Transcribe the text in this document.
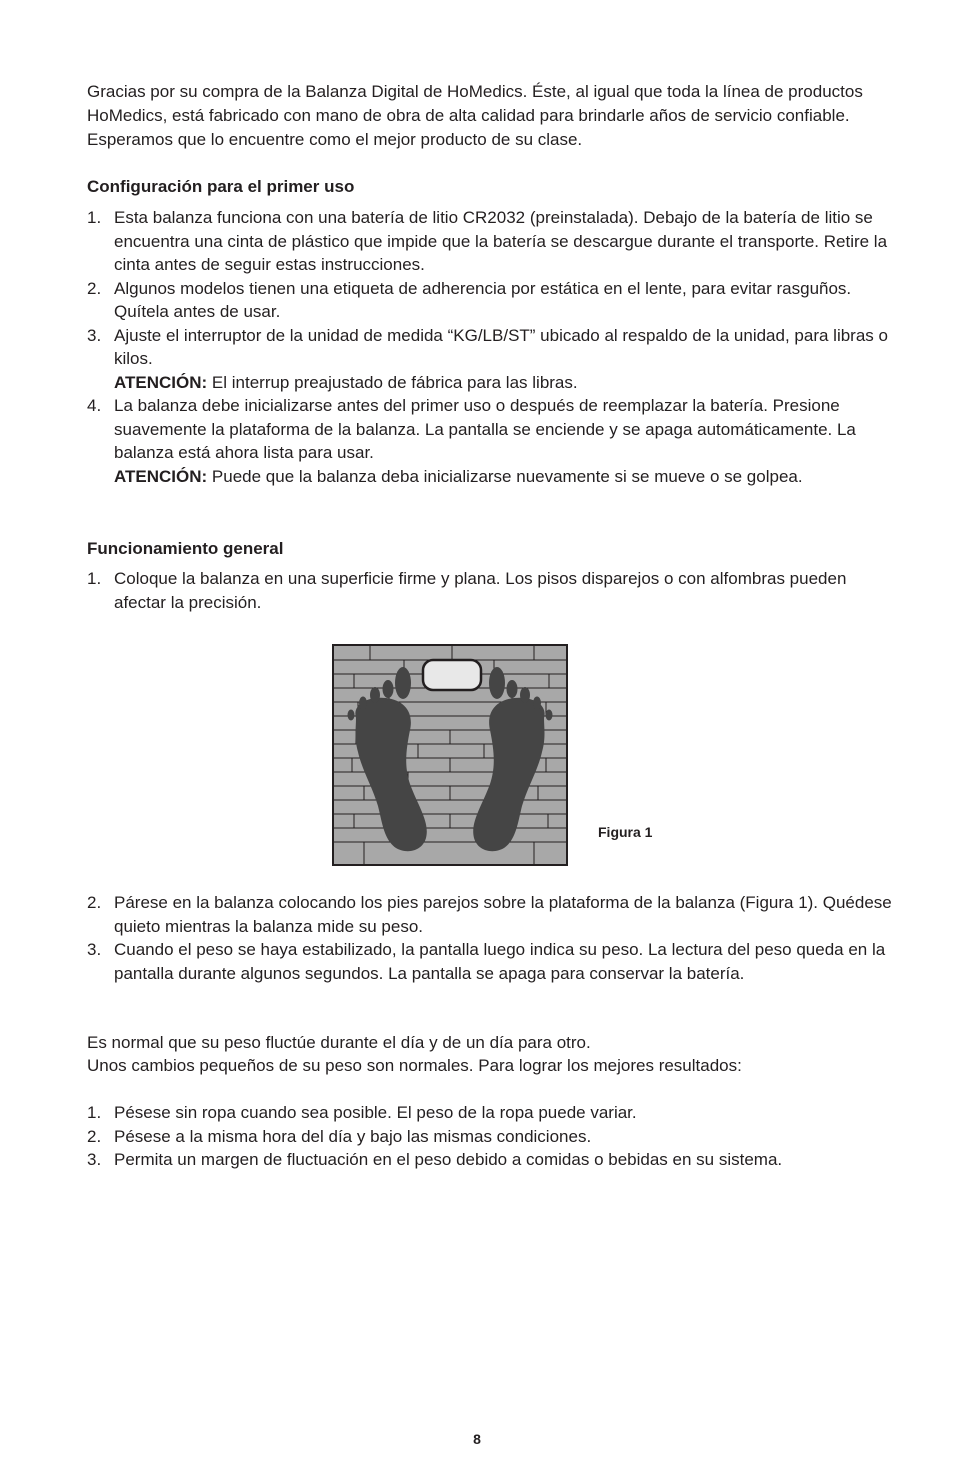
Gracias por su compra de la Balanza Digital de HoMedics. Éste, al igual que toda la línea de productos HoMedics, está fabricado con mano de obra de alta calidad para brindarle años de servicio confiable. Esperamos que lo encuentre como el mejor producto de su clase.

Configuración para el primer uso
1. Esta balanza funciona con una batería de litio CR2032 (preinstalada). Debajo de la batería de litio se encuentra una cinta de plástico que impide que la batería se descargue durante el transporte. Retire la cinta antes de seguir estas instrucciones.
2. Algunos modelos tienen una etiqueta de adherencia por estática en el lente, para evitar rasguños. Quítela antes de usar.
3. Ajuste el interruptor de la unidad de medida “KG/LB/ST” ubicado al respaldo de la unidad, para libras o kilos.
ATENCIÓN: El interrup preajustado de fábrica para las libras.
4. La balanza debe inicializarse antes del primer uso o después de reemplazar la batería. Presione suavemente la plataforma de la balanza. La pantalla se enciende y se apaga automáticamente. La balanza está ahora lista para usar.
ATENCIÓN: Puede que la balanza deba inicializarse nuevamente si se mueve o se golpea.
Funcionamiento general
1. Coloque la balanza en una superficie firme y plana. Los pisos disparejos o con alfombras pueden afectar la precisión.
Figura 1
2. Párese en la balanza colocando los pies parejos sobre la plataforma de la balanza (Figura 1). Quédese quieto mientras la balanza mide su peso.
3. Cuando el peso se haya estabilizado, la pantalla luego indica su peso. La lectura del peso queda en la pantalla durante algunos segundos. La pantalla se apaga para conservar la batería.

Es normal que su peso fluctúe durante el día y de un día para otro.

Unos cambios pequeños de su peso son normales. Para lograr los mejores resultados:

1. Pésese sin ropa cuando sea posible. El peso de la ropa puede variar.
2. Pésese a la misma hora del día y bajo las mismas condiciones.
3. Permita un margen de fluctuación en el peso debido a comidas o bebidas en su sistema.
8
